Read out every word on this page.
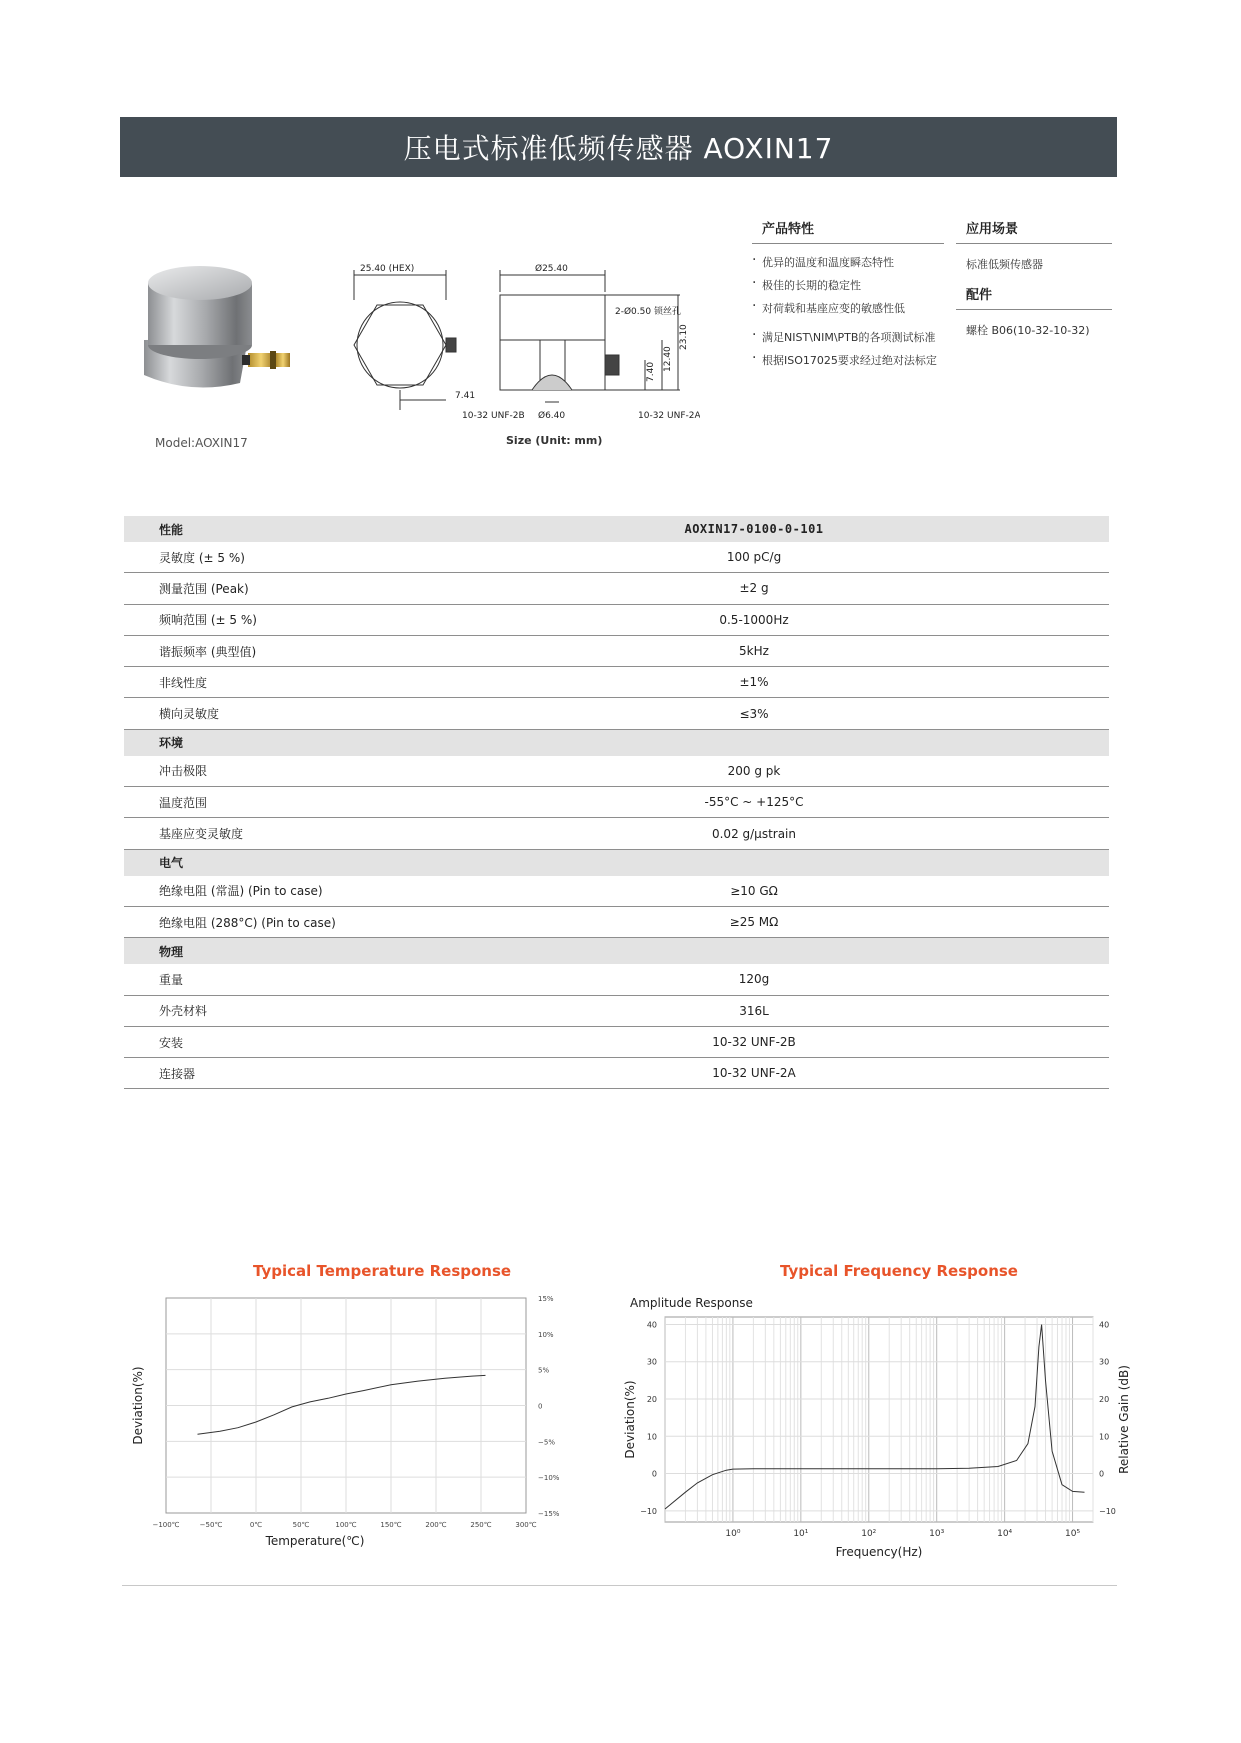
压电式标准低频传感器 AOXIN17
Model:AOXIN17
25.40 (HEX)	Ø25.40
2-Ø0.50 锁丝孔
23.10
12.40
7.40
7.41
10-32 UNF-2B Ø6.40	10-32 UNF-2A
Size (Unit: mm)
产品特性
· 优异的温度和温度瞬态特性
· 极佳的长期的稳定性
· 对荷载和基座应变的敏感性低
· 满足NIST\NIM\PTB的各项测试标准
· 根据ISO17025要求经过绝对法标定
应用场景
标准低频传感器
配件
螺栓 B06(10-32-10-32)
性能	AOXIN17-0100-0-101
灵敏度 (± 5 %)	100 pC/g
测量范围 (Peak)	±2 g
频响范围 (± 5 %)	0.5-1000Hz
谐振频率 (典型值)	5kHz
非线性度	±1%
横向灵敏度	≤3%
环境
冲击极限	200 g pk
温度范围	-55°C ~ +125°C
基座应变灵敏度	0.02 g/μstrain
电气
绝缘电阻 (常温) (Pin to case)	≥10 GΩ
绝缘电阻 (288°C) (Pin to case)	≥25 MΩ
物理
重量	120g
外壳材料	316L
安装	10-32 UNF-2B
连接器	10-32 UNF-2A
Typical Temperature Response
−100℃	−50℃	0℃	50℃	100℃	150℃	200℃	250℃	300℃
15%
10%
5%
0
−5%
−10%
−15%
Temperature(℃)
Deviation(%)
Typical Frequency Response
Amplitude Response
40	40
30	30
20	20
10	10
0	0
−10	−10
10⁰	10¹	10²	10³	10⁴	10⁵
Frequency(Hz)
Deviation(%)	Relative Gain (dB)
